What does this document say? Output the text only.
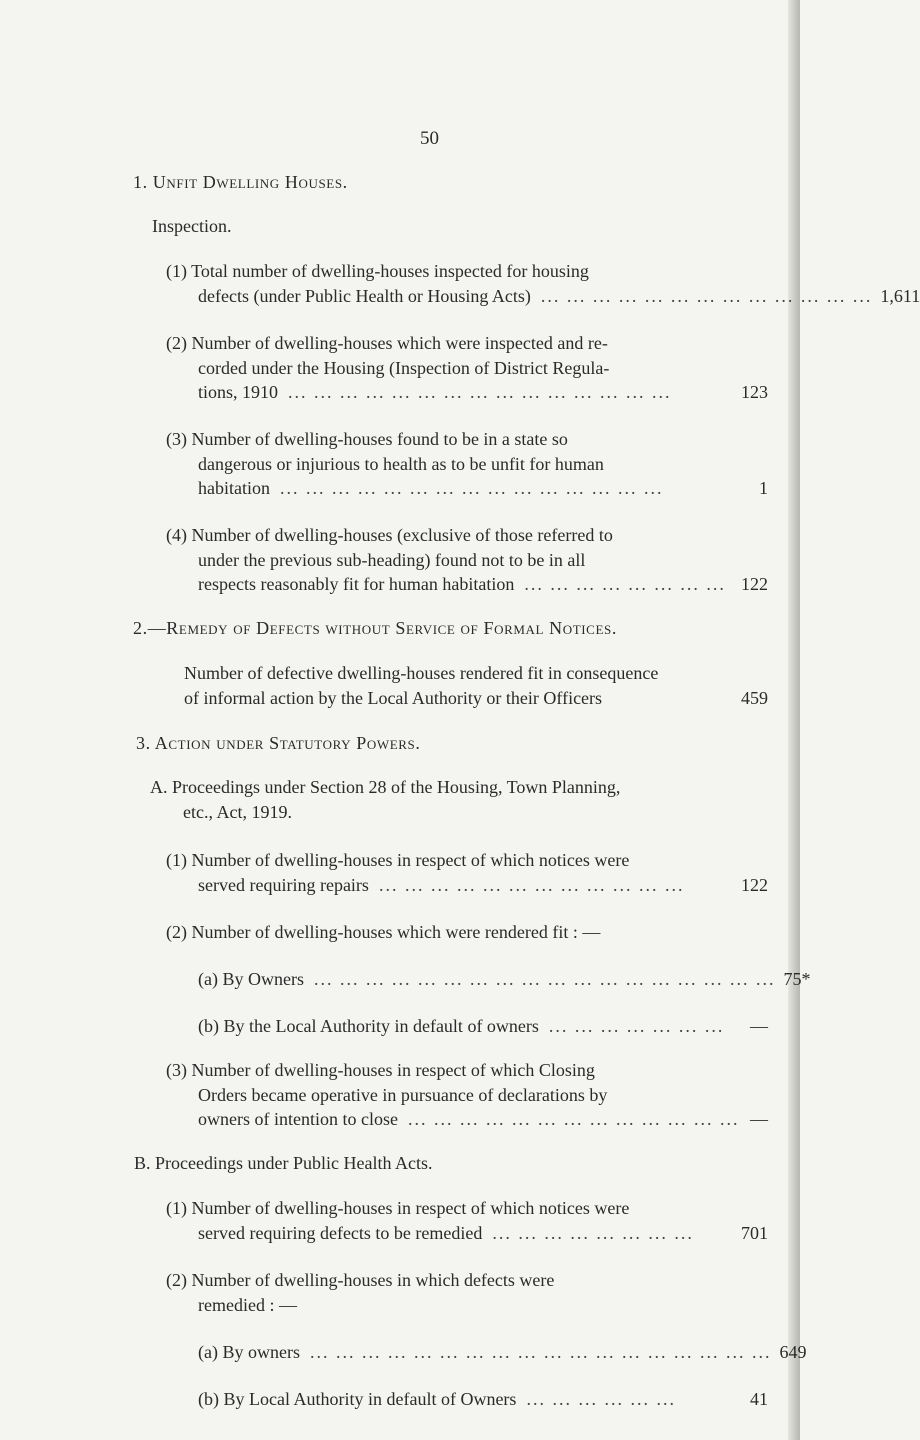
50
1. Unfit Dwelling Houses.
Inspection.
(1) Total number of dwelling-houses inspected for housing
defects (under Public Health or Housing Acts) ... ... ... ... ... ... ... ... ... ... ... ... ... 1,611
(2) Number of dwelling-houses which were inspected and re-
corded under the Housing (Inspection of District Regula-
tions, 1910 ... ... ... ... ... ... ... ... ... ... ... ... ... ... ...	123
(3) Number of dwelling-houses found to be in a state so
dangerous or injurious to health as to be unfit for human
habitation ... ... ... ... ... ... ... ... ... ... ... ... ... ... ...	1
(4) Number of dwelling-houses (exclusive of those referred to
under the previous sub-heading) found not to be in all
respects reasonably fit for human habitation ... ... ... ... ... ... ... ... 122
2.—Remedy of Defects without Service of Formal Notices.
Number of defective dwelling-houses rendered fit in consequence
of informal action by the Local Authority or their Officers	459
3. Action under Statutory Powers.
A. Proceedings under Section 28 of the Housing, Town Planning,
etc., Act, 1919.
(1) Number of dwelling-houses in respect of which notices were
served requiring repairs ... ... ... ... ... ... ... ... ... ... ... ...	122
(2) Number of dwelling-houses which were rendered fit : —
(a) By Owners ... ... ... ... ... ... ... ... ... ... ... ... ... ... ... ... ... ... 75*
(b) By the Local Authority in default of owners ... ... ... ... ... ... ...	—
(3) Number of dwelling-houses in respect of which Closing
Orders became operative in pursuance of declarations by
owners of intention to close ... ... ... ... ... ... ... ... ... ... ... ... ... —
B. Proceedings under Public Health Acts.
(1) Number of dwelling-houses in respect of which notices were
served requiring defects to be remedied ... ... ... ... ... ... ... ...	701
(2) Number of dwelling-houses in which defects were
remedied : —
(a) By owners ... ... ... ... ... ... ... ... ... ... ... ... ... ... ... ... ... ... 649
(b) By Local Authority in default of Owners ... ... ... ... ... ...	41
